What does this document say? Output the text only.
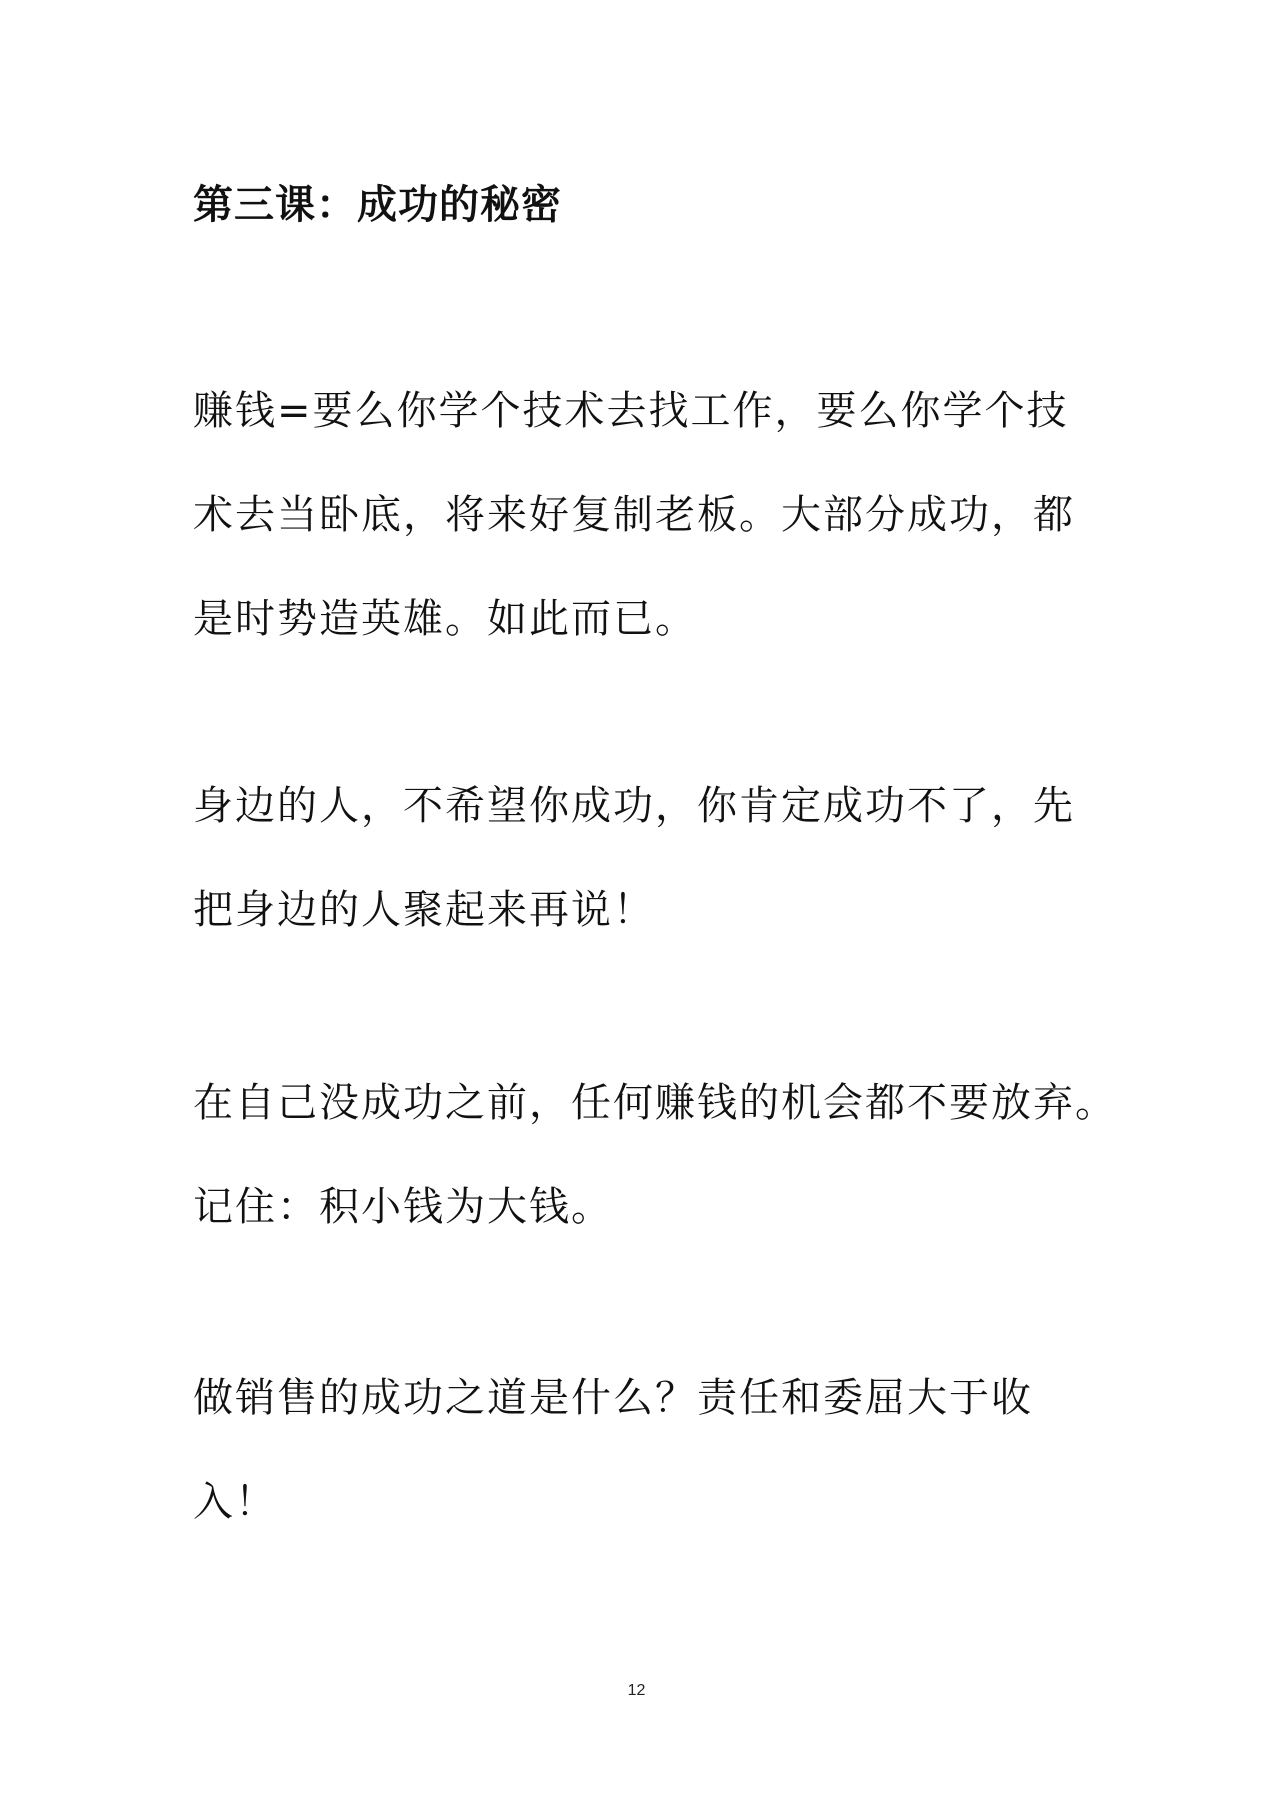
第三课：成功的秘密

赚钱=要么你学个技术去找工作，要么你学个技
术去当卧底，将来好复制老板。大部分成功，都
是时势造英雄。如此而已。

身边的人，不希望你成功，你肯定成功不了，先
把身边的人聚起来再说！

在自己没成功之前，任何赚钱的机会都不要放弃。
记住：积小钱为大钱。

做销售的成功之道是什么？责任和委屈大于收
入！

12
